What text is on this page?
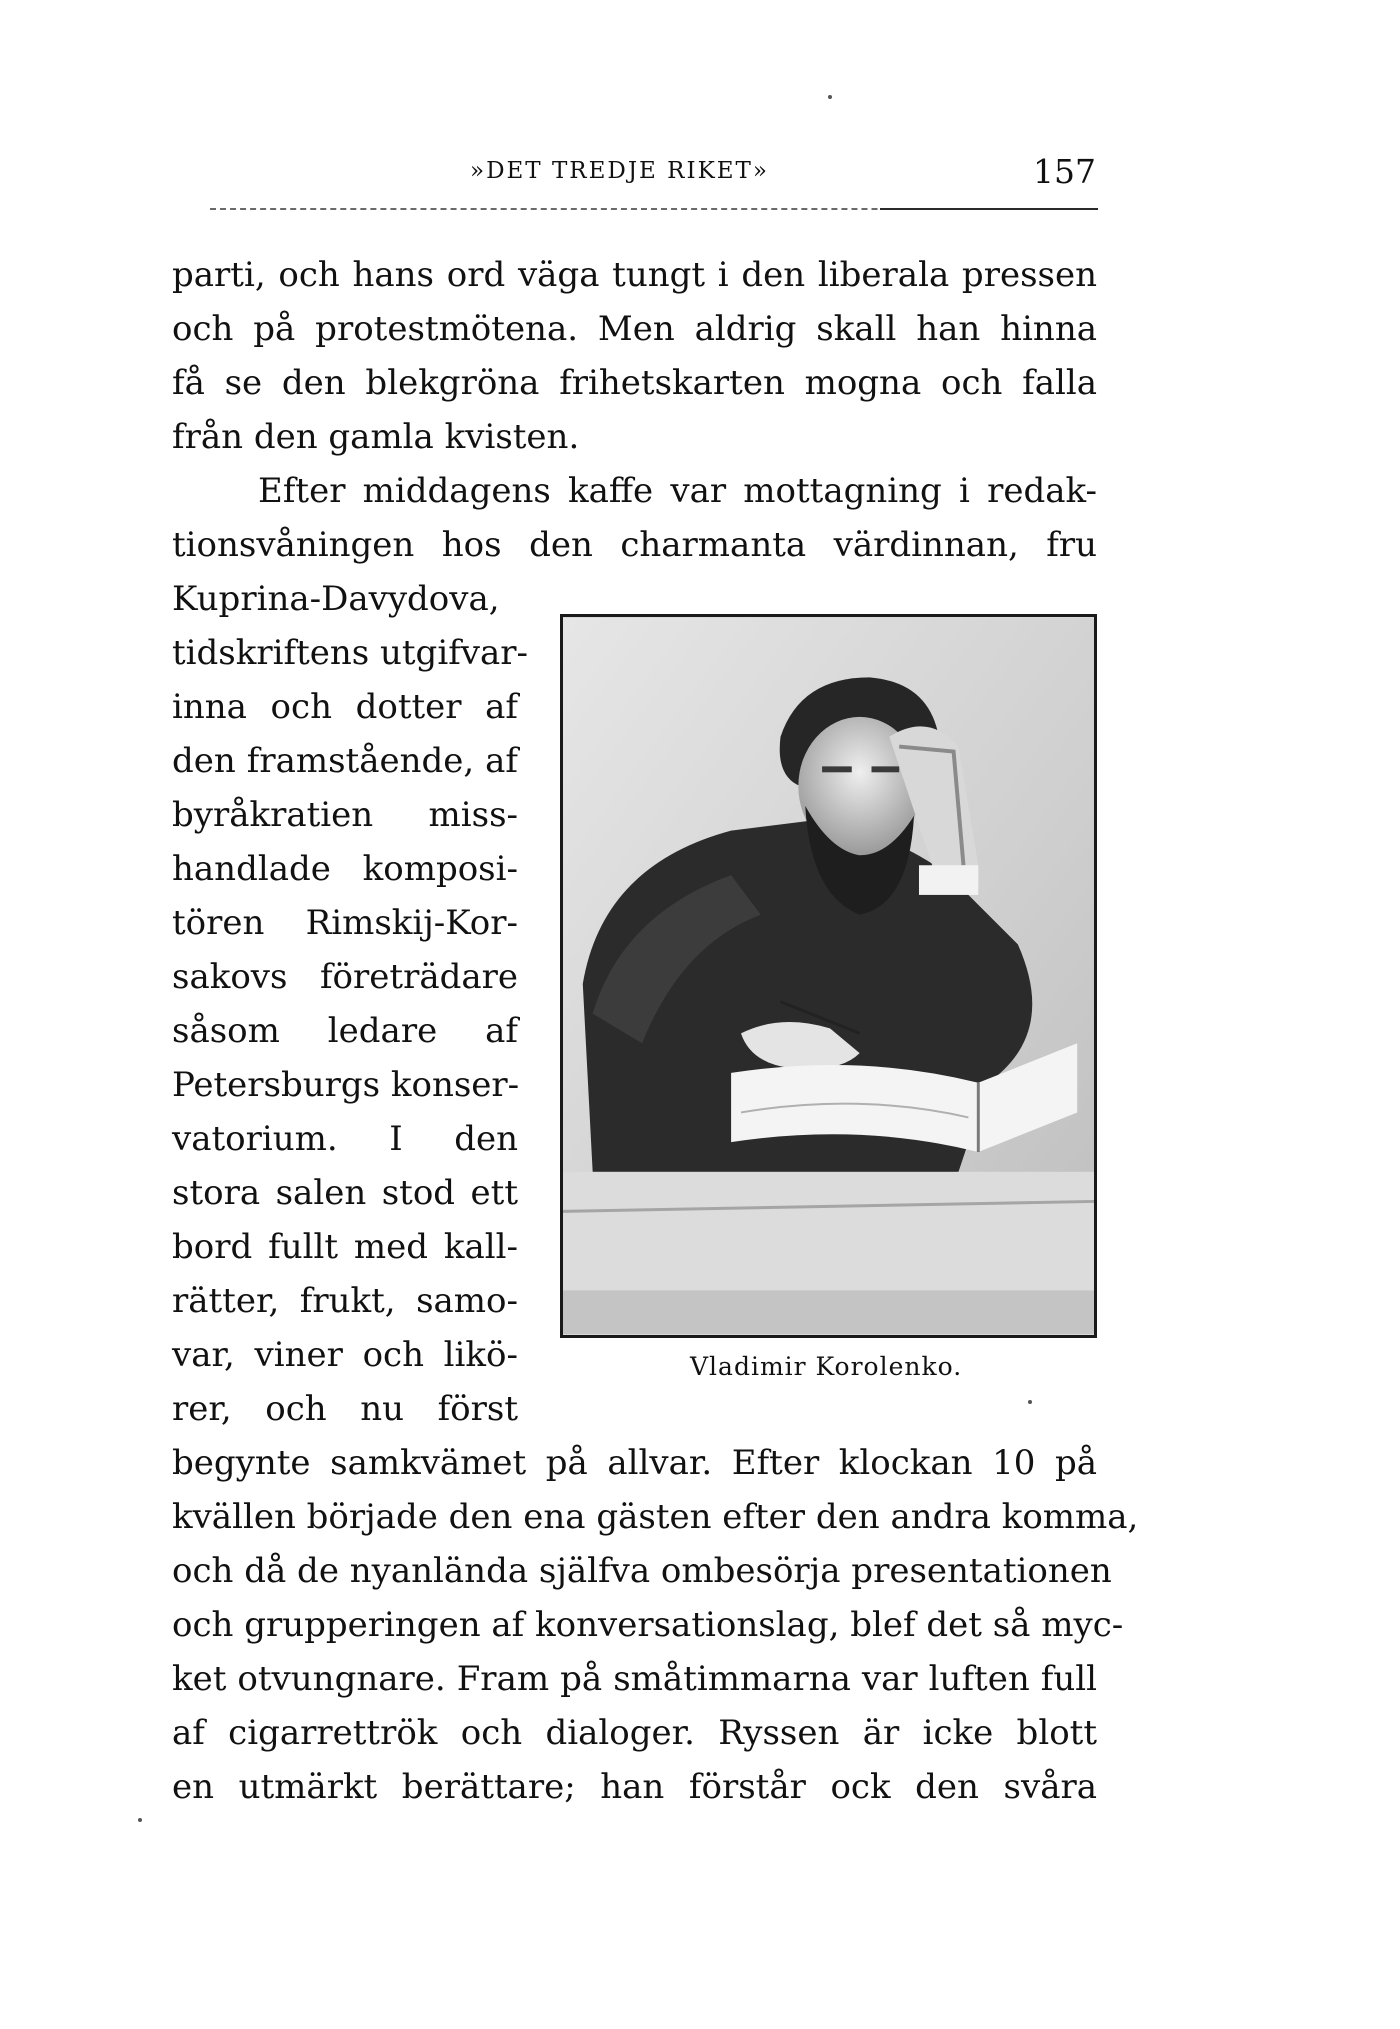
»DET TREDJE RIKET»	157
parti, och hans ord väga tungt i den liberala pressen
och på protestmötena. Men aldrig skall han hinna
få se den blekgröna frihetskarten mogna och falla
från den gamla kvisten.
Efter middagens kaffe var mottagning i redak-
tionsvåningen hos den charmanta värdinnan, fru
Kuprina-Davydova,
tidskriftens utgifvar-
inna och dotter af
den framstående, af
byråkratien miss-
handlade komposi-
tören Rimskij-Kor-
sakovs företrädare
såsom ledare af
Petersburgs konser-
vatorium. I den
stora salen stod ett
bord fullt med kall-
rätter, frukt, samo-
var, viner och likö-
rer, och nu först
begynte samkvämet på allvar. Efter klockan 10 på
kvällen började den ena gästen efter den andra komma,
och då de nyanlända själfva ombesörja presentationen
och grupperingen af konversationslag, blef det så myc-
ket otvungnare. Fram på småtimmarna var luften full
af cigarrettrök och dialoger. Ryssen är icke blott
en utmärkt berättare; han förstår ock den svåra
Vladimir Korolenko.
